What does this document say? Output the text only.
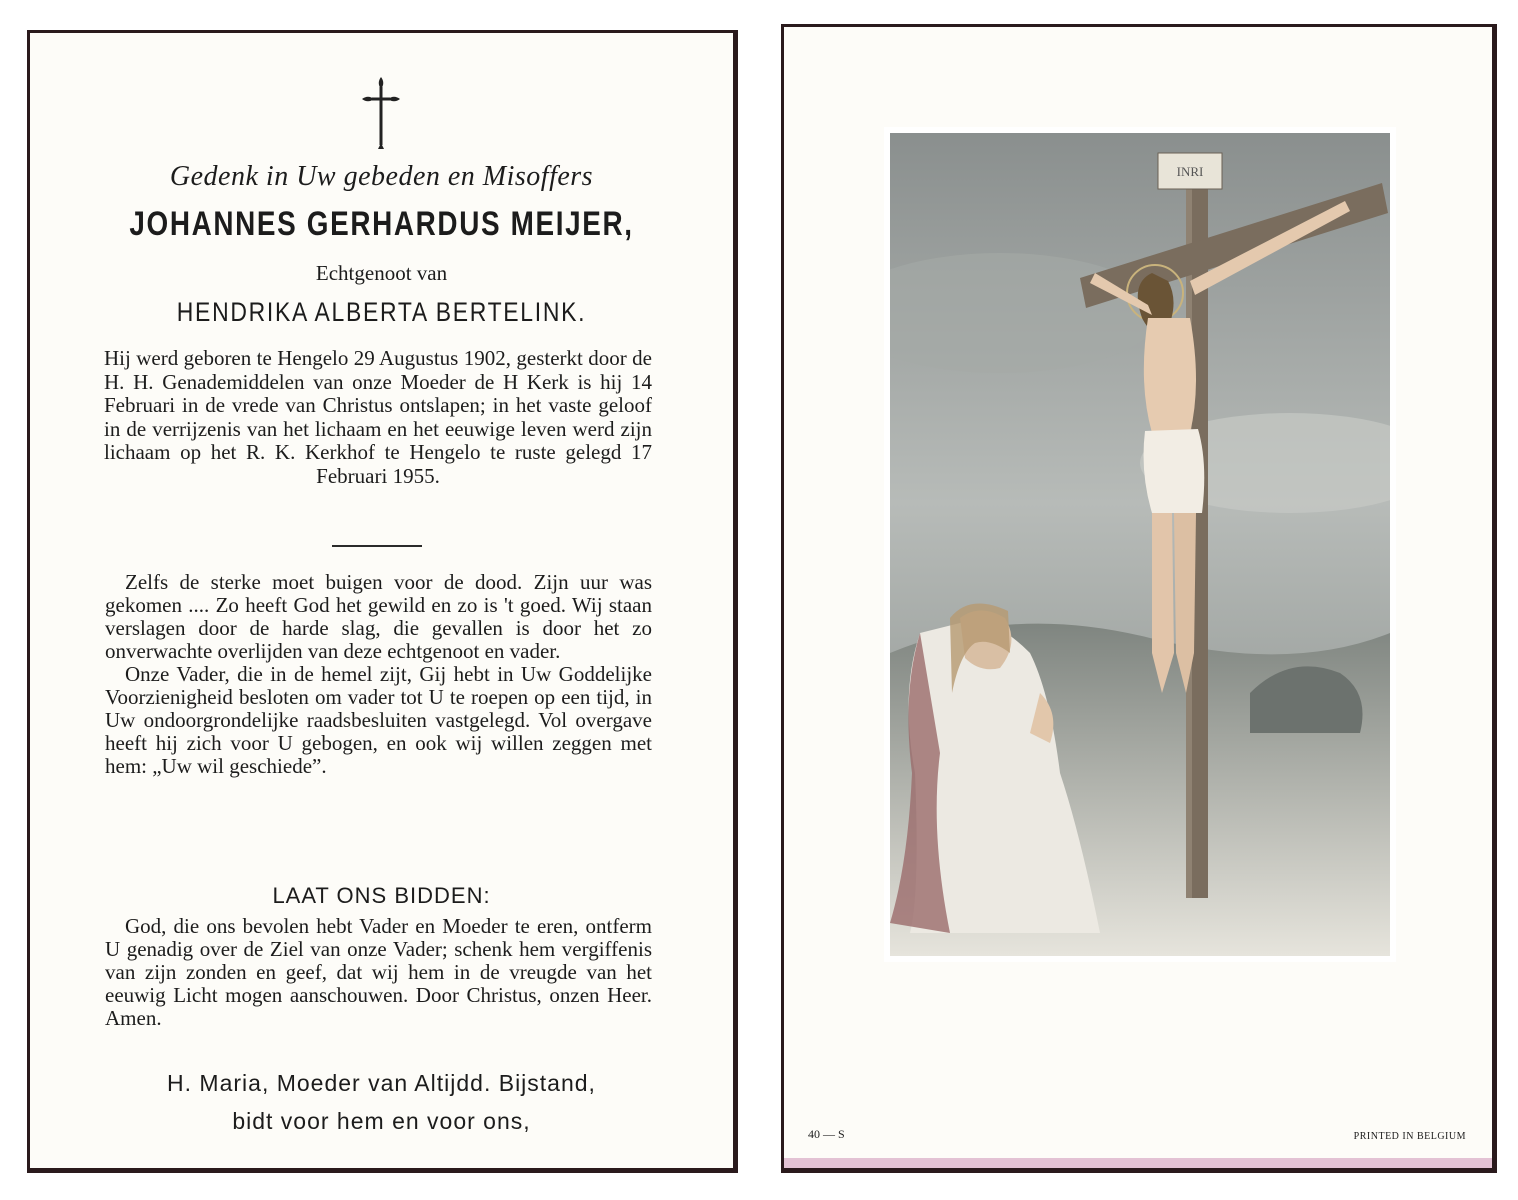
Gedenk in Uw gebeden en Misoffers
JOHANNES GERHARDUS MEIJER,
Echtgenoot van
HENDRIKA ALBERTA BERTELINK.
Hij werd geboren te Hengelo 29 Augustus 1902, gesterkt door de H. H. Genademiddelen van onze Moeder de H Kerk is hij 14 Februari in de vrede van Christus ontslapen; in het vaste geloof in de verrijzenis van het lichaam en het eeuwige leven werd zijn lichaam op het R. K. Kerkhof te Hengelo te ruste gelegd 17 Februari 1955.

Zelfs de sterke moet buigen voor de dood. Zijn uur was gekomen .... Zo heeft God het gewild en zo is 't goed. Wij staan verslagen door de harde slag, die gevallen is door het zo onverwachte overlijden van deze echtgenoot en vader.

Onze Vader, die in de hemel zijt, Gij hebt in Uw Goddelijke Voorzienigheid besloten om vader tot U te roepen op een tijd, in Uw ondoorgrondelijke raadsbesluiten vastgelegd. Vol overgave heeft hij zich voor U gebogen, en ook wij willen zeggen met hem: „Uw wil geschiede”.

LAAT ONS BIDDEN:

God, die ons bevolen hebt Vader en Moeder te eren, ontferm U genadig over de Ziel van onze Vader; schenk hem vergiffenis van zijn zonden en geef, dat wij hem in de vreugde van het eeuwig Licht mogen aanschouwen. Door Christus, onzen Heer. Amen.

H. Maria, Moeder van Altijdd. Bijstand,
bidt voor hem en voor ons,
INRI
40 — S	PRINTED IN BELGIUM
